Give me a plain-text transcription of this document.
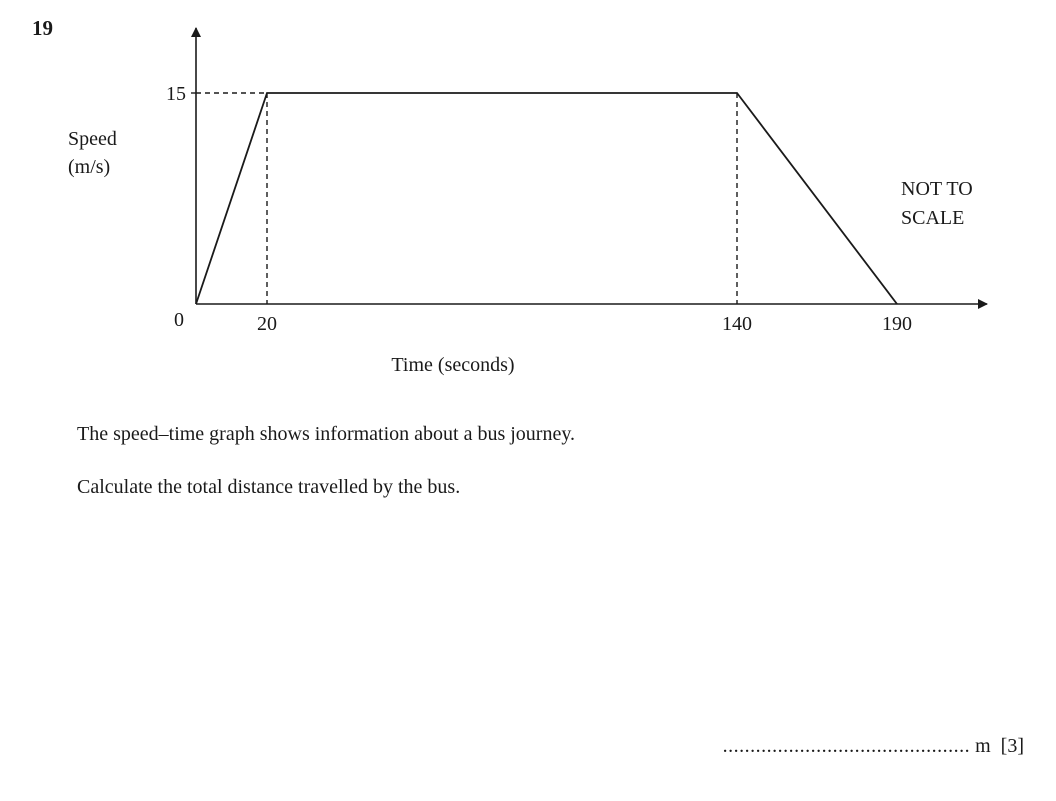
19
15
0	20	140	190
Speed
(m/s)
NOT TO
SCALE
Time (seconds)

The speed–time graph shows information about a bus journey.

Calculate the total distance travelled by the bus.

............................................. m [3]
